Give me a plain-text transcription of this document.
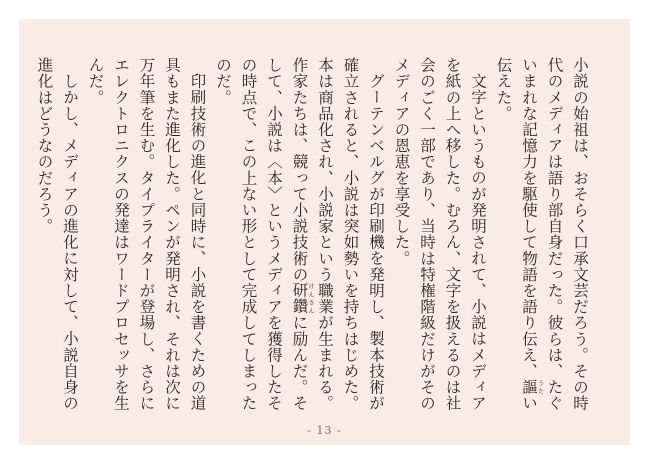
小説の始祖は、おそらく口承文芸だろう。その時代のメディアは語り部自身だった。彼らは、たぐいまれな記憶力を駆使して物語を語り伝え、謳うたい伝えた。

文字というものが発明されて、小説はメディアを紙の上へ移した。むろん、文字を扱えるのは社会のごく一部であり、当時は特権階級だけがそのメディアの恩恵を享受した。

グーテンベルグが印刷機を発明し、製本技術が確立されると、小説は突如勢いを持ちはじめた。本は商品化され、小説家という職業が生まれる。作家たちは、競って小説技術の研鑽けんさんに励んだ。そして、小説は〈本〉というメディアを獲得したその時点で、この上ない形として完成してしまったのだ。

印刷技術の進化と同時に、小説を書くための道具もまた進化した。ペンが発明され、それは次に万年筆を生む。タイプライターが登場し、さらにエレクトロニクスの発達はワードプロセッサを生んだ。

しかし、メディアの進化に対して、小説自身の進化はどうなのだろう。

- 13 -
